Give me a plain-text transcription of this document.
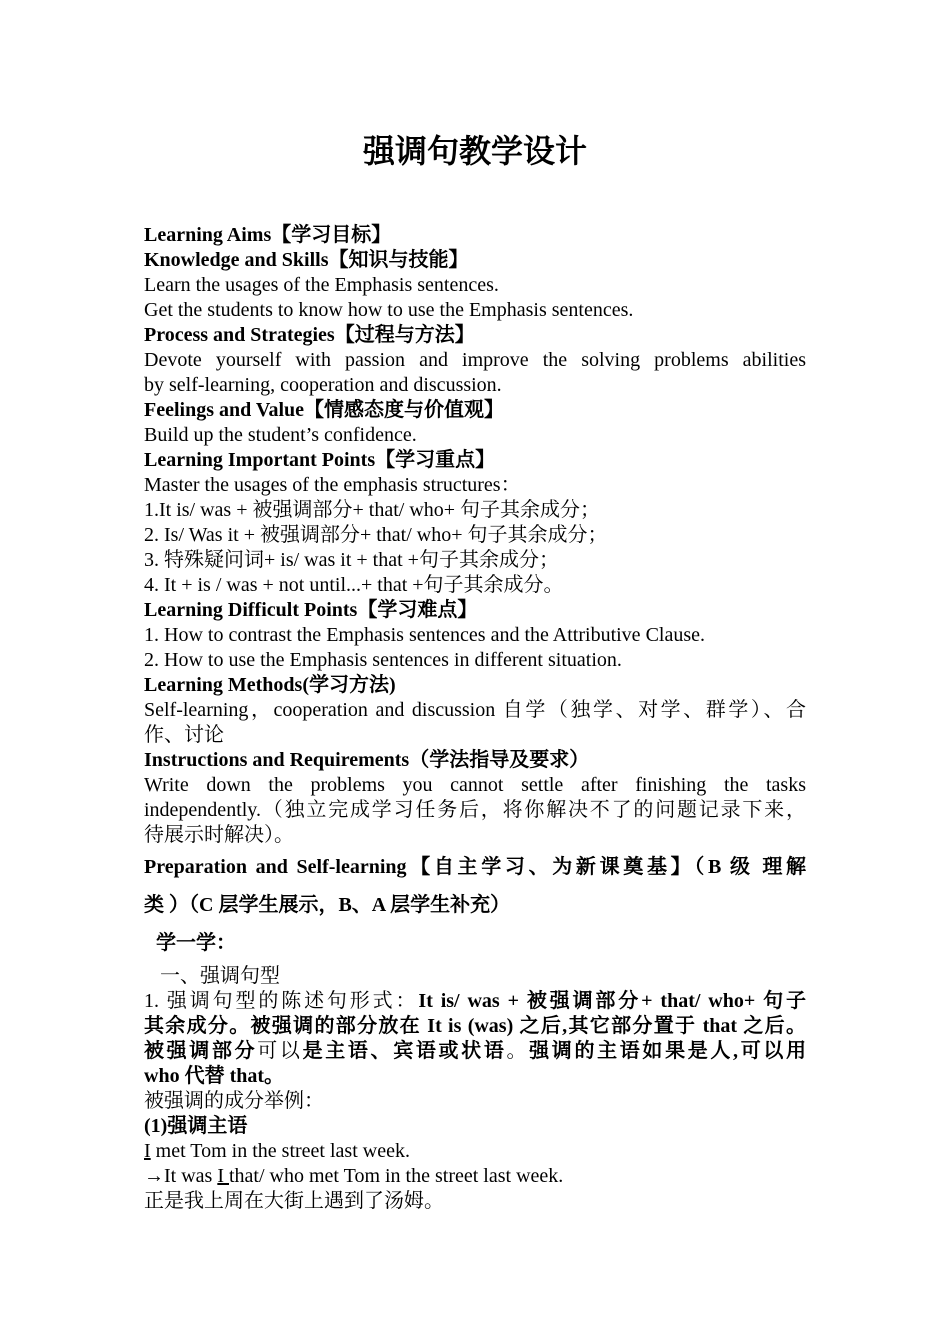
强调句教学设计
Learning Aims【学习目标】
Knowledge and Skills【知识与技能】
Learn the usages of the Emphasis sentences.
Get the students to know how to use the Emphasis sentences.
Process and Strategies【过程与方法】
Devote yourself with passion and improve the solving problems abilities
by self-learning, cooperation and discussion.
Feelings and Value【情感态度与价值观】
Build up the student’s confidence.
Learning Important Points【学习重点】
Master the usages of the emphasis structures：
1.It is/ was + 被强调部分+ that/ who+ 句子其余成分；
2. Is/ Was it + 被强调部分+ that/ who+ 句子其余成分；
3. 特殊疑问词+ is/ was it + that +句子其余成分；
4. It + is / was + not until...+ that +句子其余成分。
Learning Difficult Points【学习难点】
1. How to contrast the Emphasis sentences and the Attributive Clause.
2. How to use the Emphasis sentences in different situation.
Learning Methods(学习方法)
Self-learning，cooperation and discussion 自学（独学、对学、群学）、合
作、讨论
Instructions and Requirements（学法指导及要求）
Write down the problems you cannot settle after finishing the tasks
independently.（独立完成学习任务后，将你解决不了的问题记录下来，
待展示时解决）。
Preparation and Self-learning【自主学习、为新课奠基】（B 级 理解
类 ）（C 层学生展示，B、A 层学生补充）
学一学：
一、强调句型
1. 强调句型的陈述句形式：It is/ was + 被强调部分+ that/ who+ 句子
其余成分。被强调的部分放在 It is (was) 之后,其它部分置于 that 之后。
被强调部分可以是主语、宾语或状语。强调的主语如果是人,可以用
who 代替 that。
被强调的成分举例：
(1)强调主语
I met Tom in the street last week.
→It was I that/ who met Tom in the street last week.
正是我上周在大街上遇到了汤姆。
